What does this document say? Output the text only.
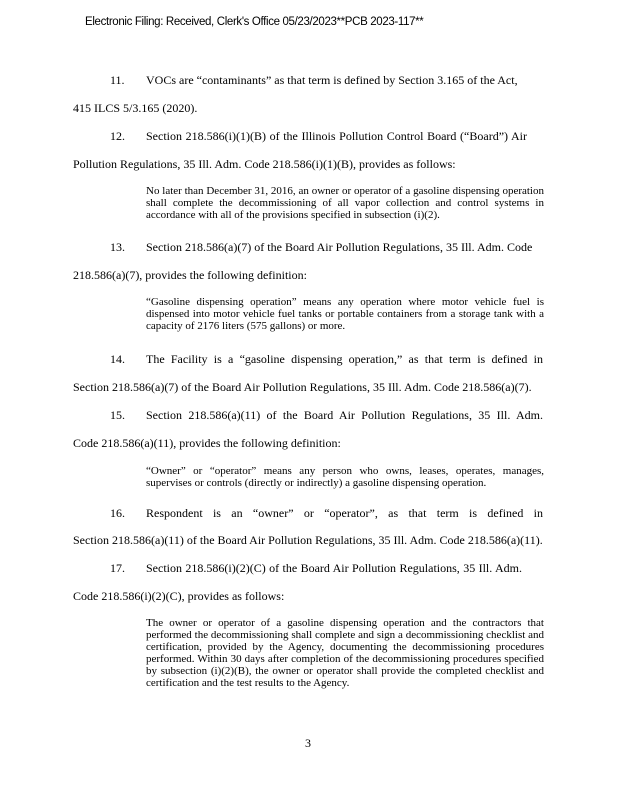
Electronic Filing: Received, Clerk's Office 05/23/2023**PCB 2023-117**
11. VOCs are “contaminants” as that term is defined by Section 3.165 of the Act,
415 ILCS 5/3.165 (2020).
12. Section 218.586(i)(1)(B) of the Illinois Pollution Control Board (“Board”) Air
Pollution Regulations, 35 Ill. Adm. Code 218.586(i)(1)(B), provides as follows:
No later than December 31, 2016, an owner or operator of a gasoline dispensing operation shall complete the decommissioning of all vapor collection and control systems in accordance with all of the provisions specified in subsection (i)(2).
13. Section 218.586(a)(7) of the Board Air Pollution Regulations, 35 Ill. Adm. Code
218.586(a)(7), provides the following definition:
“Gasoline dispensing operation” means any operation where motor vehicle fuel is dispensed into motor vehicle fuel tanks or portable containers from a storage tank with a capacity of 2176 liters (575 gallons) or more.
14. The Facility is a “gasoline dispensing operation,” as that term is defined in
Section 218.586(a)(7) of the Board Air Pollution Regulations, 35 Ill. Adm. Code 218.586(a)(7).
15. Section 218.586(a)(11) of the Board Air Pollution Regulations, 35 Ill. Adm.
Code 218.586(a)(11), provides the following definition:
“Owner” or “operator” means any person who owns, leases, operates, manages, supervises or controls (directly or indirectly) a gasoline dispensing operation.
16. Respondent is an “owner” or “operator”, as that term is defined in
Section 218.586(a)(11) of the Board Air Pollution Regulations, 35 Ill. Adm. Code 218.586(a)(11).
17. Section 218.586(i)(2)(C) of the Board Air Pollution Regulations, 35 Ill. Adm.
Code 218.586(i)(2)(C), provides as follows:
The owner or operator of a gasoline dispensing operation and the contractors that performed the decommissioning shall complete and sign a decommissioning checklist and certification, provided by the Agency, documenting the decommissioning procedures performed. Within 30 days after completion of the decommissioning procedures specified by subsection (i)(2)(B), the owner or operator shall provide the completed checklist and certification and the test results to the Agency.
3
